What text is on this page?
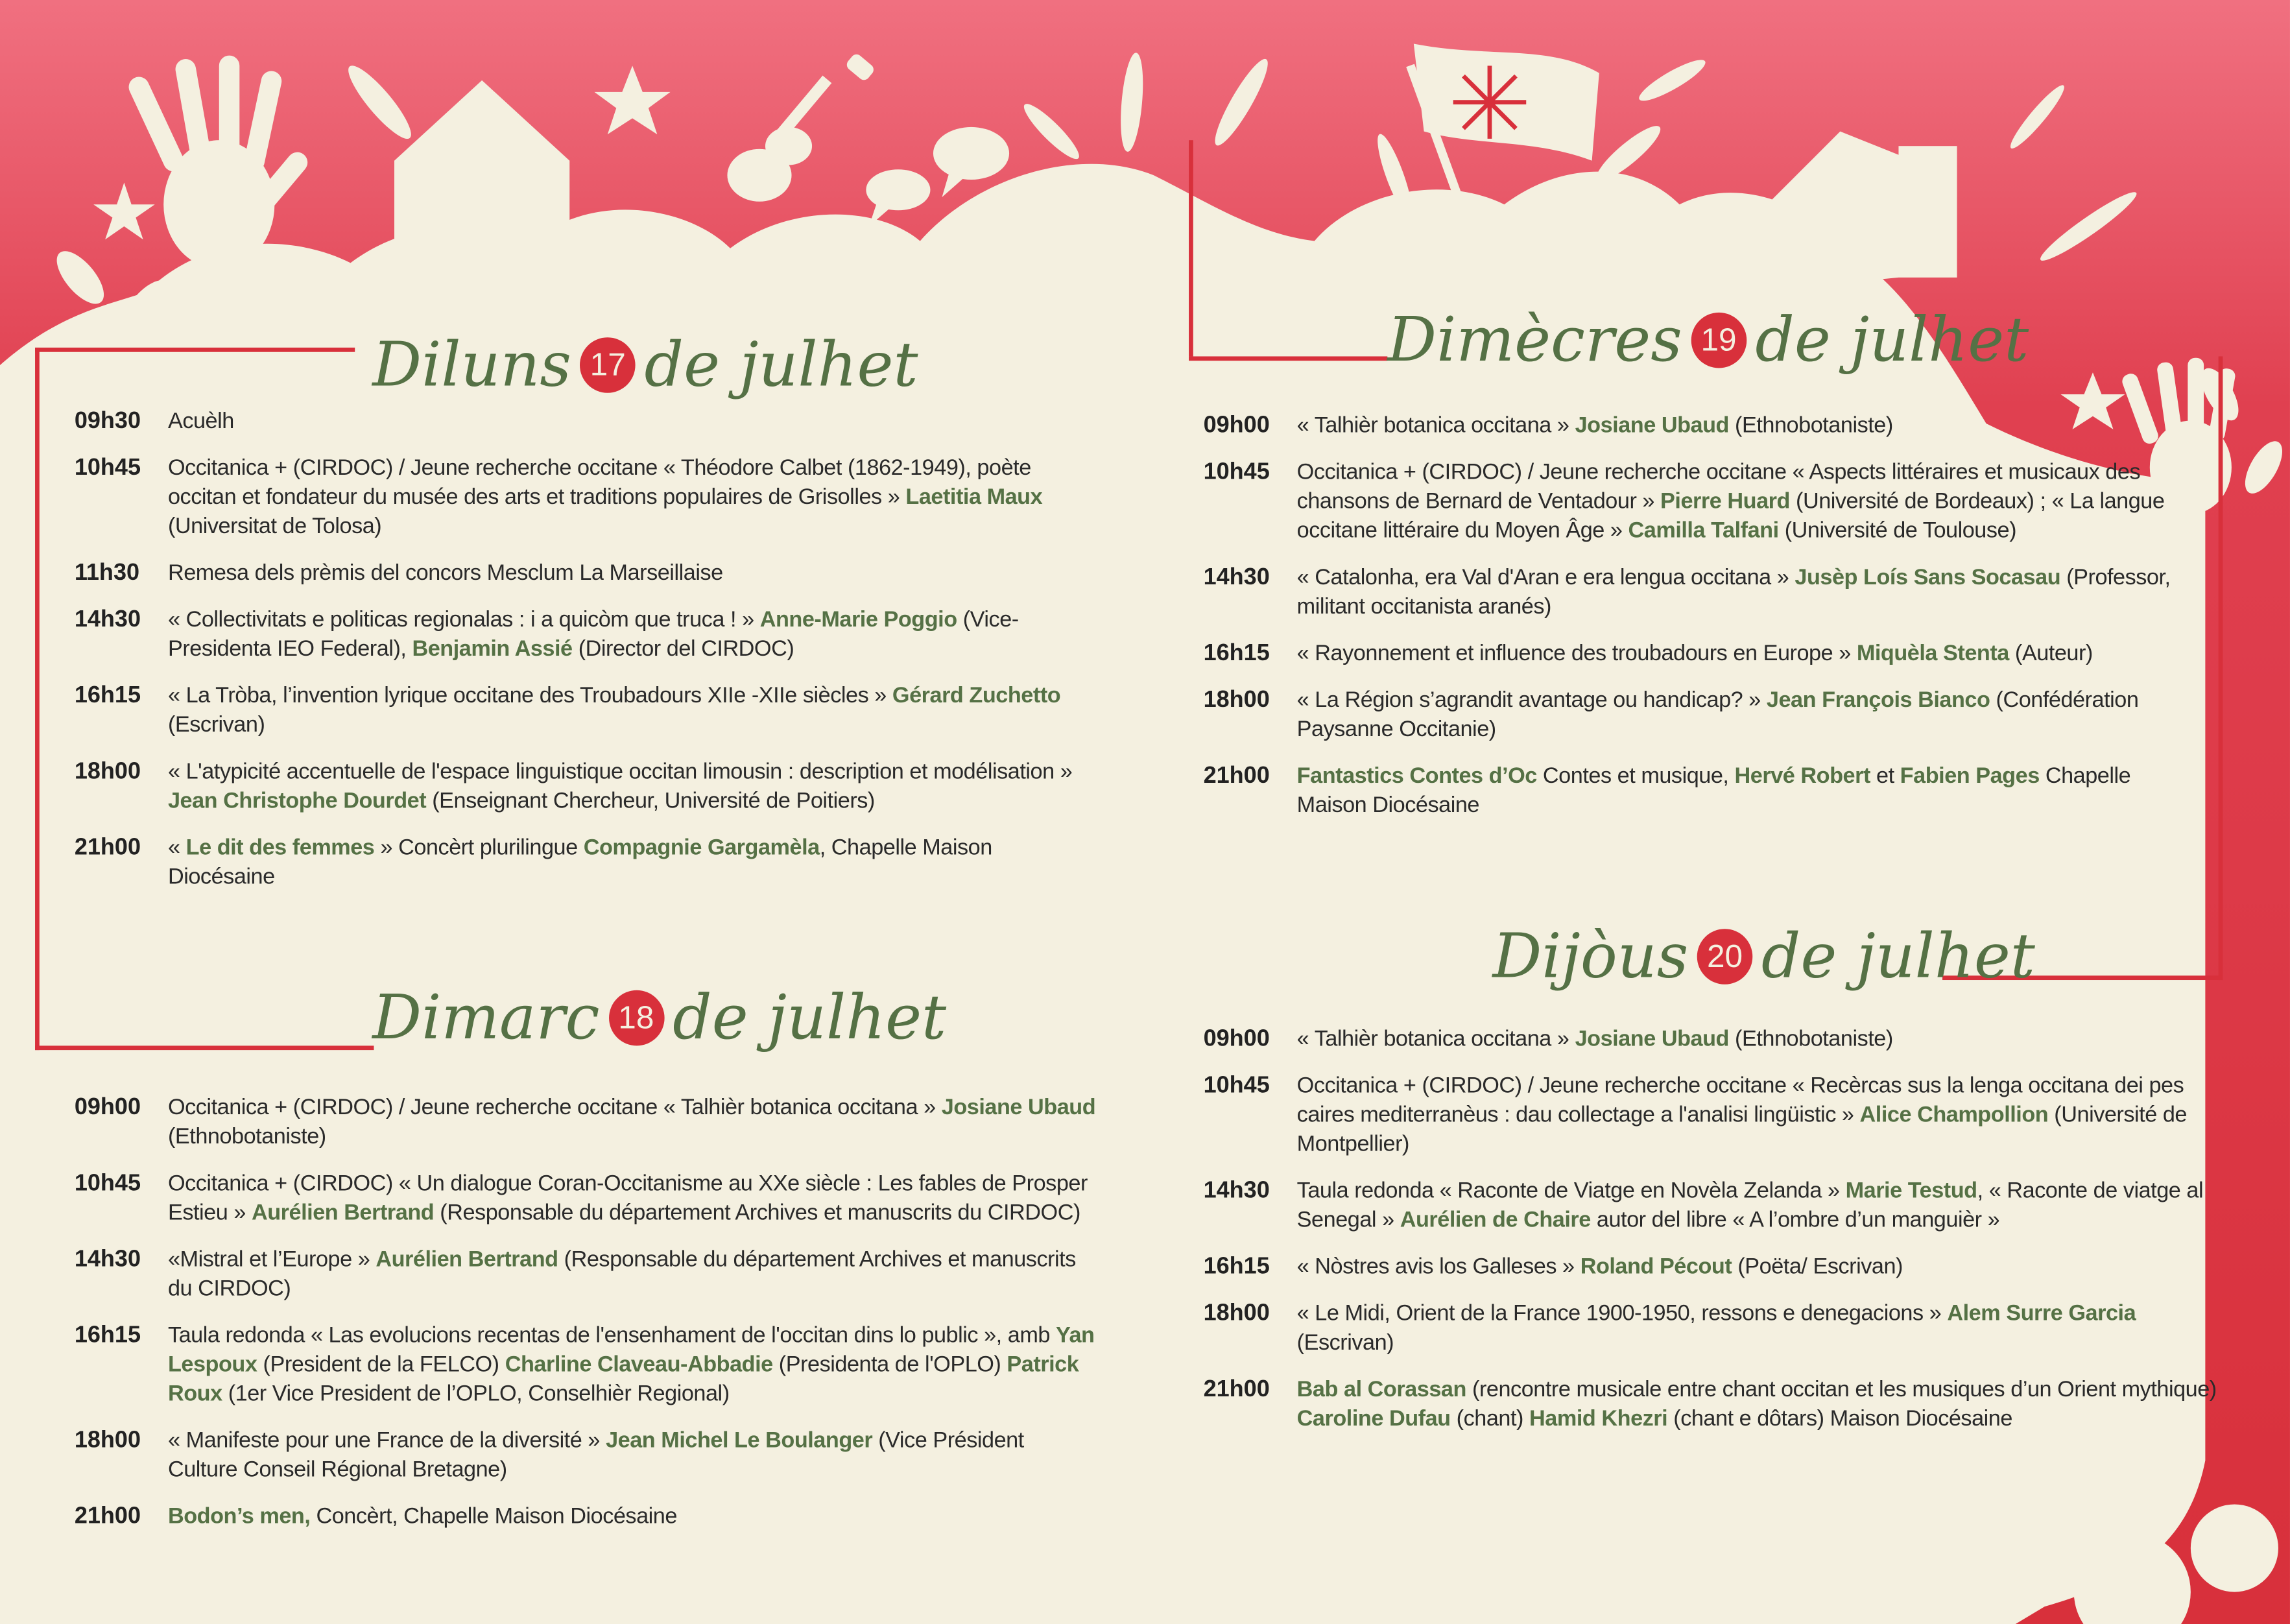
Diluns	17 de julhet
Dimarc	18 de julhet
Dimècres	19 de julhet
Dijòus	20 de julhet
09h30	Acuèlh
10h45	Occitanica + (CIRDOC) / Jeune recherche occitane « Théodore Calbet (1862-1949), poète occitan et fondateur du musée des arts et traditions populaires de Grisolles » Laetitia Maux (Universitat de Tolosa)
11h30	Remesa dels prèmis del concors Mesclum La Marseillaise
14h30	« Collectivitats e politicas regionalas : i a quicòm que truca ! » Anne-Marie Poggio (Vice-Presidenta IEO Federal), Benjamin Assié (Director del CIRDOC)
16h15	« La Tròba, l’invention lyrique occitane des Troubadours XIIe -XIIe siècles » Gérard Zuchetto (Escrivan)
18h00	« L'atypicité accentuelle de l'espace linguistique occitan limousin : description et modélisation » Jean Christophe Dourdet (Enseignant Chercheur, Université de Poitiers)
21h00	« Le dit des femmes » Concèrt plurilingue Compagnie Gargamèla, Chapelle Maison Diocésaine
09h00	Occitanica + (CIRDOC) / Jeune recherche occitane « Talhièr botanica occitana » Josiane Ubaud (Ethnobotaniste)
10h45	Occitanica + (CIRDOC) « Un dialogue Coran-Occitanisme au XXe siècle : Les fables de Prosper Estieu » Aurélien Bertrand (Responsable du département Archives et manuscrits du CIRDOC)
14h30	«Mistral et l’Europe » Aurélien Bertrand (Responsable du département Archives et manuscrits du CIRDOC)
16h15	Taula redonda « Las evolucions recentas de l'ensenhament de l'occitan dins lo public », amb Yan Lespoux (President de la FELCO) Charline Claveau-Abbadie (Presidenta de l'OPLO) Patrick Roux (1er Vice President de l’OPLO, Conselhièr Regional)
18h00	« Manifeste pour une France de la diversité » Jean Michel Le Boulanger (Vice Président Culture Conseil Régional Bretagne)
21h00	Bodon’s men, Concèrt, Chapelle Maison Diocésaine
09h00	« Talhièr botanica occitana » Josiane Ubaud (Ethnobotaniste)
10h45	Occitanica + (CIRDOC) / Jeune recherche occitane « Aspects littéraires et musicaux des chansons de Bernard de Ventadour » Pierre Huard (Université de Bordeaux) ; « La langue occitane littéraire du Moyen Âge » Camilla Talfani (Université de Toulouse)
14h30	« Catalonha, era Val d'Aran e era lengua occitana » Jusèp Loís Sans Socasau (Professor, militant occitanista aranés)
16h15	« Rayonnement et influence des troubadours en Europe » Miquèla Stenta (Auteur)
18h00	« La Région s’agrandit avantage ou handicap? » Jean François Bianco (Confédération Paysanne Occitanie)
21h00	Fantastics Contes d’Oc Contes et musique, Hervé Robert et Fabien Pages Chapelle Maison Diocésaine
09h00	« Talhièr botanica occitana » Josiane Ubaud (Ethnobotaniste)
10h45	Occitanica + (CIRDOC) / Jeune recherche occitane « Recèrcas sus la lenga occitana dei pes caires mediterranèus : dau collectage a l'analisi lingüistic » Alice Champollion (Université de Montpellier)
14h30	Taula redonda « Raconte de Viatge en Novèla Zelanda » Marie Testud, « Raconte de viatge al Senegal » Aurélien de Chaire autor del libre « A l’ombre d’un manguièr »
16h15	« Nòstres avis los Galleses » Roland Pécout (Poëta/ Escrivan)
18h00	« Le Midi, Orient de la France 1900-1950, ressons e denegacions » Alem Surre Garcia (Escrivan)
21h00	Bab al Corassan (rencontre musicale entre chant occitan et les musiques d’un Orient mythique) Caroline Dufau (chant) Hamid Khezri (chant e dôtars) Maison Diocésaine
